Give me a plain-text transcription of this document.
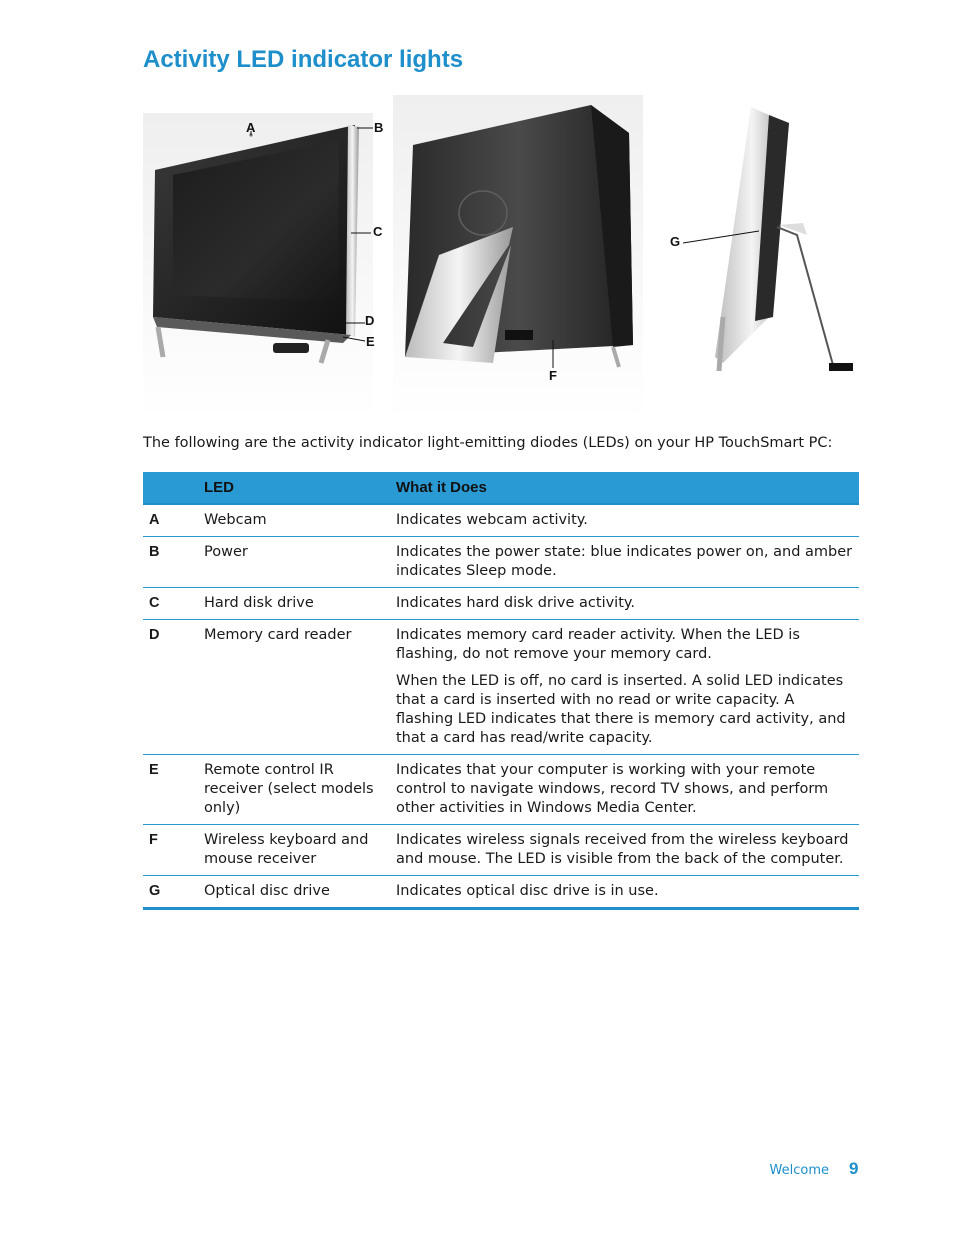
Activity LED indicator lights
A	B
C
D
E
F
G

The following are the activity indicator light-emitting diodes (LEDs) on your HP TouchSmart PC:

	LED	What it Does
A	Webcam	Indicates webcam activity.

B	Power	Indicates the power state: blue indicates power on, and amber indicates Sleep mode.

C	Hard disk drive	Indicates hard disk drive activity.

D	Memory card reader	Indicates memory card reader activity. When the LED is flashing, do not remove your memory card.

When the LED is off, no card is inserted. A solid LED indicates that a card is inserted with no read or write capacity. A flashing LED indicates that there is memory card activity, and that a card has read/write capacity.

E	Remote control IR receiver (select models only)	Indicates that your computer is working with your remote control to navigate windows, record TV shows, and perform other activities in Windows Media Center.

F	Wireless keyboard and mouse receiver	Indicates wireless signals received from the wireless keyboard and mouse. The LED is visible from the back of the computer.

G	Optical disc drive	Indicates optical disc drive is in use.

Welcome 9
